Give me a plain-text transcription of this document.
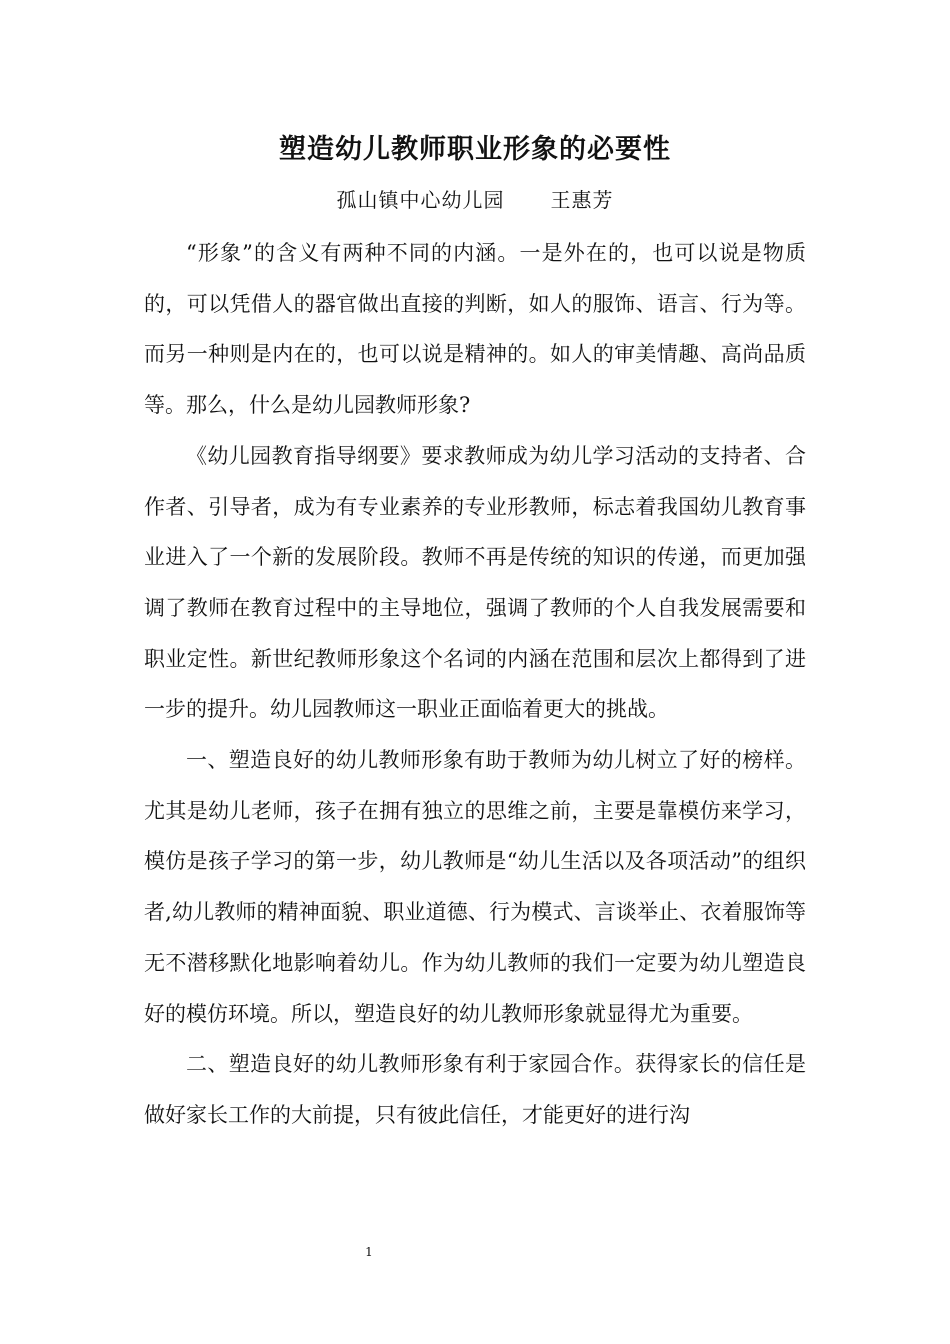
塑造幼儿教师职业形象的必要性
孤山镇中心幼儿园 王惠芳

“形象”的含义有两种不同的内涵。一是外在的，也可以说是物质的，可以凭借人的器官做出直接的判断，如人的服饰、语言、行为等。而另一种则是内在的，也可以说是精神的。如人的审美情趣、高尚品质等。那么，什么是幼儿园教师形象?

《幼儿园教育指导纲要》要求教师成为幼儿学习活动的支持者、合作者、引导者，成为有专业素养的专业形教师，标志着我国幼儿教育事业进入了一个新的发展阶段。教师不再是传统的知识的传递，而更加强调了教师在教育过程中的主导地位，强调了教师的个人自我发展需要和职业定性。新世纪教师形象这个名词的内涵在范围和层次上都得到了进一步的提升。幼儿园教师这一职业正面临着更大的挑战。

一、塑造良好的幼儿教师形象有助于教师为幼儿树立了好的榜样。尤其是幼儿老师，孩子在拥有独立的思维之前，主要是靠模仿来学习，模仿是孩子学习的第一步，幼儿教师是“幼儿生活以及各项活动”的组织者,幼儿教师的精神面貌、职业道德、行为模式、言谈举止、衣着服饰等无不潜移默化地影响着幼儿。作为幼儿教师的我们一定要为幼儿塑造良好的模仿环境。所以，塑造良好的幼儿教师形象就显得尤为重要。

二、塑造良好的幼儿教师形象有利于家园合作。获得家长的信任是做好家长工作的大前提，只有彼此信任，才能更好的进行沟

1
